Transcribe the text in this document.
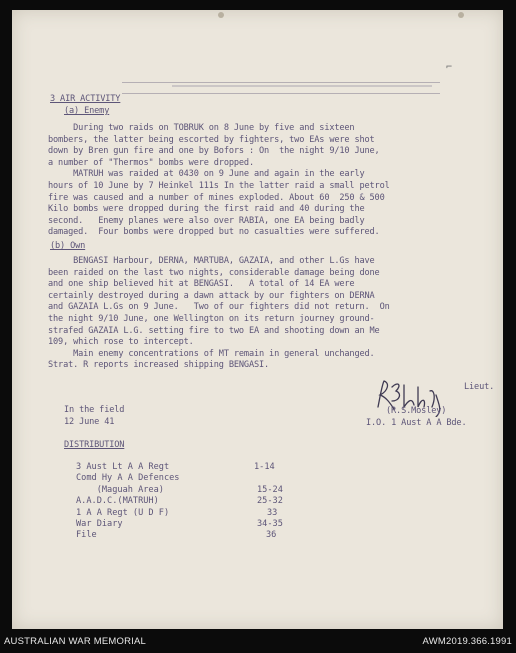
⌐
3 AIR ACTIVITY
(a) Enemy
During two raids on TOBRUK on 8 June by five and sixteen
bombers, the latter being escorted by fighters, two EAs were shot
down by Bren gun fire and one by Bofors : On  the night 9/10 June,
a number of "Thermos" bombs were dropped.
MATRUH was raided at 0430 on 9 June and again in the early
hours of 10 June by 7 Heinkel 111s In the latter raid a small petrol
fire was caused and a number of mines exploded. About 60  250 & 500
Kilo bombs were dropped during the first raid and 40 during the
second.   Enemy planes were also over RABIA, one EA being badly
damaged.  Four bombs were dropped but no casualties were suffered.
(b) Own
BENGASI Harbour, DERNA, MARTUBA, GAZAIA, and other L.Gs have
been raided on the last two nights, considerable damage being done
and one ship believed hit at BENGASI.   A total of 14 EA were
certainly destroyed during a dawn attack by our fighters on DERNA
and GAZAIA L.Gs on 9 June.   Two of our fighters did not return.  On
the night 9/10 June, one Wellington on its return journey ground-
strafed GAZAIA L.G. setting fire to two EA and shooting down an Me
109, which rose to intercept.
Main enemy concentrations of MT remain in general unchanged.
Strat. R reports increased shipping BENGASI.
Lieut.
(R.S.Mosley)
I.O. 1 Aust A A Bde.
In the field
12 June 41
DISTRIBUTION
3 Aust Lt A A Regt	1-14
Comd Hy A A Defences
(Maguah Area)	15-24
A.A.D.C.(MATRUH)	25-32
1 A A Regt (U D F)	33
War Diary	34-35
File	36
AUSTRALIAN WAR MEMORIAL	AWM2019.366.1991
